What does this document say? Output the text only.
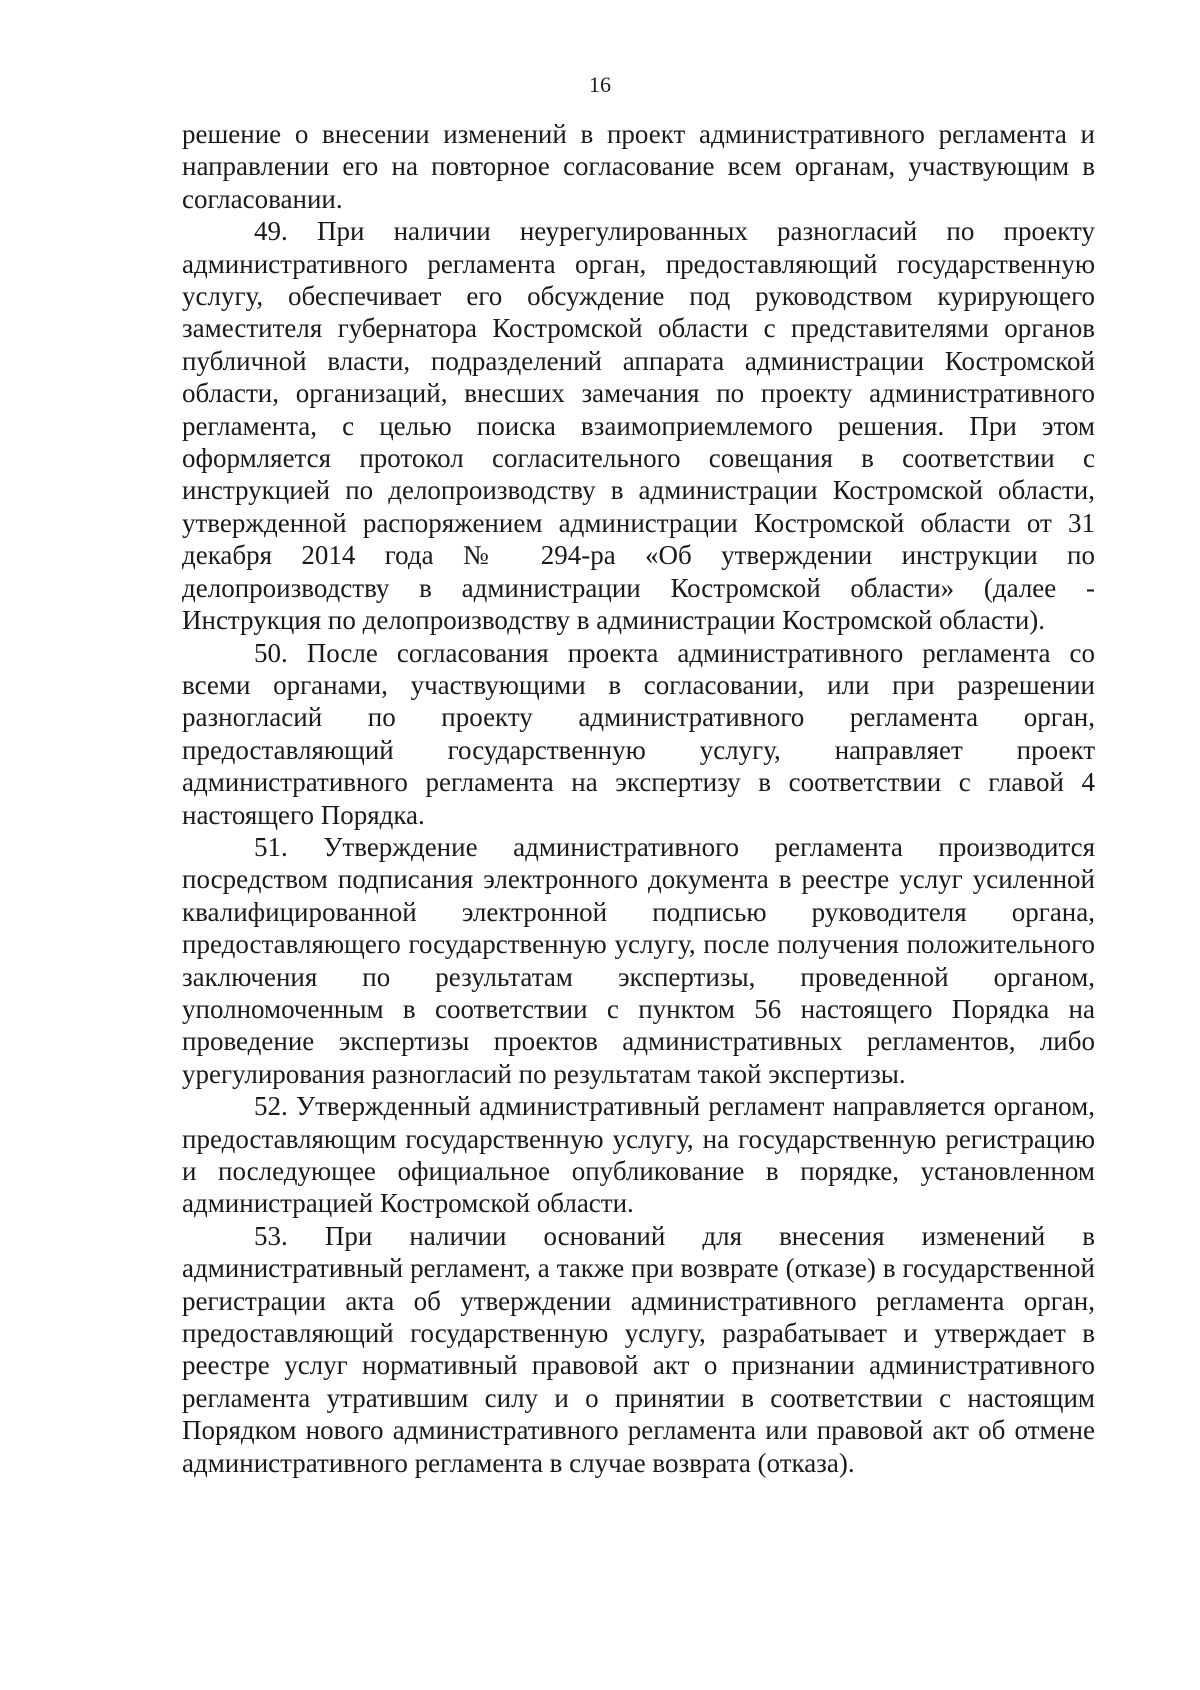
16

решение о внесении изменений в проект административного регламента и направлении его на повторное согласование всем органам, участвующим в согласовании.

49. При наличии неурегулированных разногласий по проекту административного регламента орган, предоставляющий государственную услугу, обеспечивает его обсуждение под руководством курирующего заместителя губернатора Костромской области с представителями органов публичной власти, подразделений аппарата администрации Костромской области, организаций, внесших замечания по проекту административного регламента, с целью поиска взаимоприемлемого решения. При этом оформляется протокол согласительного совещания в соответствии с инструкцией по делопроизводству в администрации Костромской области, утвержденной распоряжением администрации Костромской области от 31 декабря 2014 года № 294-ра «Об утверждении инструкции по делопроизводству в администрации Костромской области» (далее - Инструкция по делопроизводству в администрации Костромской области).

50. После согласования проекта административного регламента со всеми органами, участвующими в согласовании, или при разрешении разногласий по проекту административного регламента орган, предоставляющий государственную услугу, направляет проект административного регламента на экспертизу в соответствии с главой 4 настоящего Порядка.

51. Утверждение административного регламента производится посредством подписания электронного документа в реестре услуг усиленной квалифицированной электронной подписью руководителя органа, предоставляющего государственную услугу, после получения положительного заключения по результатам экспертизы, проведенной органом, уполномоченным в соответствии с пунктом 56 настоящего Порядка на проведение экспертизы проектов административных регламентов, либо урегулирования разногласий по результатам такой экспертизы.

52. Утвержденный административный регламент направляется органом, предоставляющим государственную услугу, на государственную регистрацию и последующее официальное опубликование в порядке, установленном администрацией Костромской области.

53. При наличии оснований для внесения изменений в административный регламент, а также при возврате (отказе) в государственной регистрации акта об утверждении административного регламента орган, предоставляющий государственную услугу, разрабатывает и утверждает в реестре услуг нормативный правовой акт о признании административного регламента утратившим силу и о принятии в соответствии с настоящим Порядком нового административного регламента или правовой акт об отмене административного регламента в случае возврата (отказа).
